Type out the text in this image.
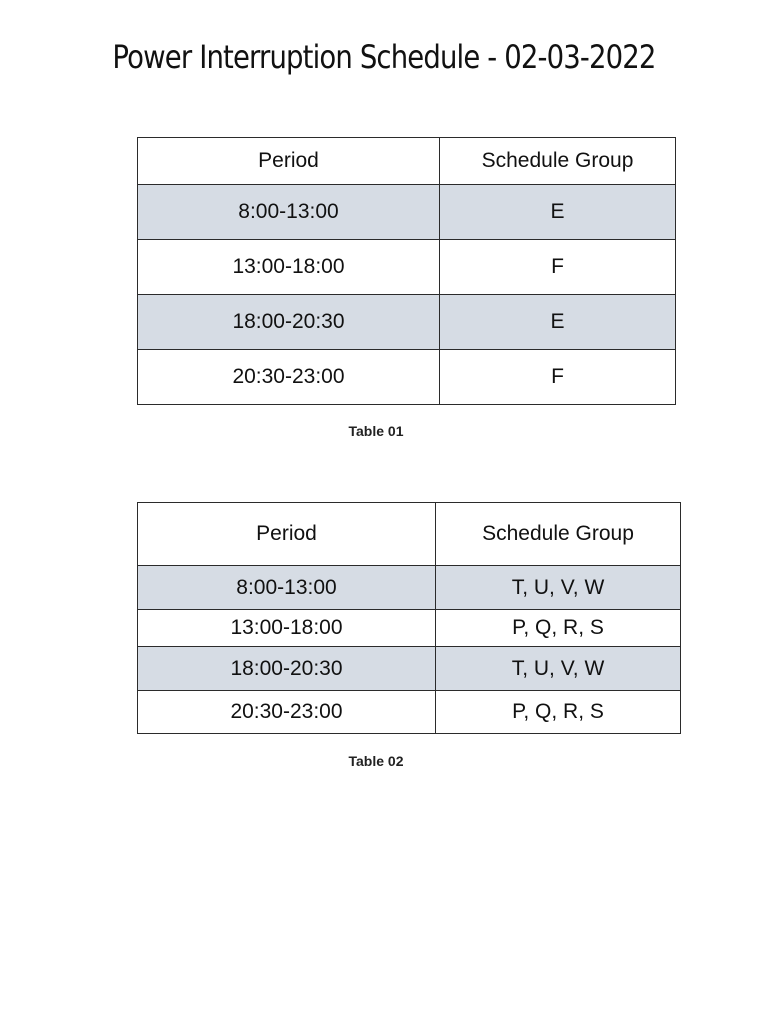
Power Interruption Schedule - 02-03-2022
Period	Schedule Group
8:00-13:00	E
13:00-18:00	F
18:00-20:30	E
20:30-23:00	F
Table 01
Period	Schedule Group
8:00-13:00	T, U, V, W
13:00-18:00	P, Q, R, S
18:00-20:30	T, U, V, W
20:30-23:00	P, Q, R, S
Table 02
